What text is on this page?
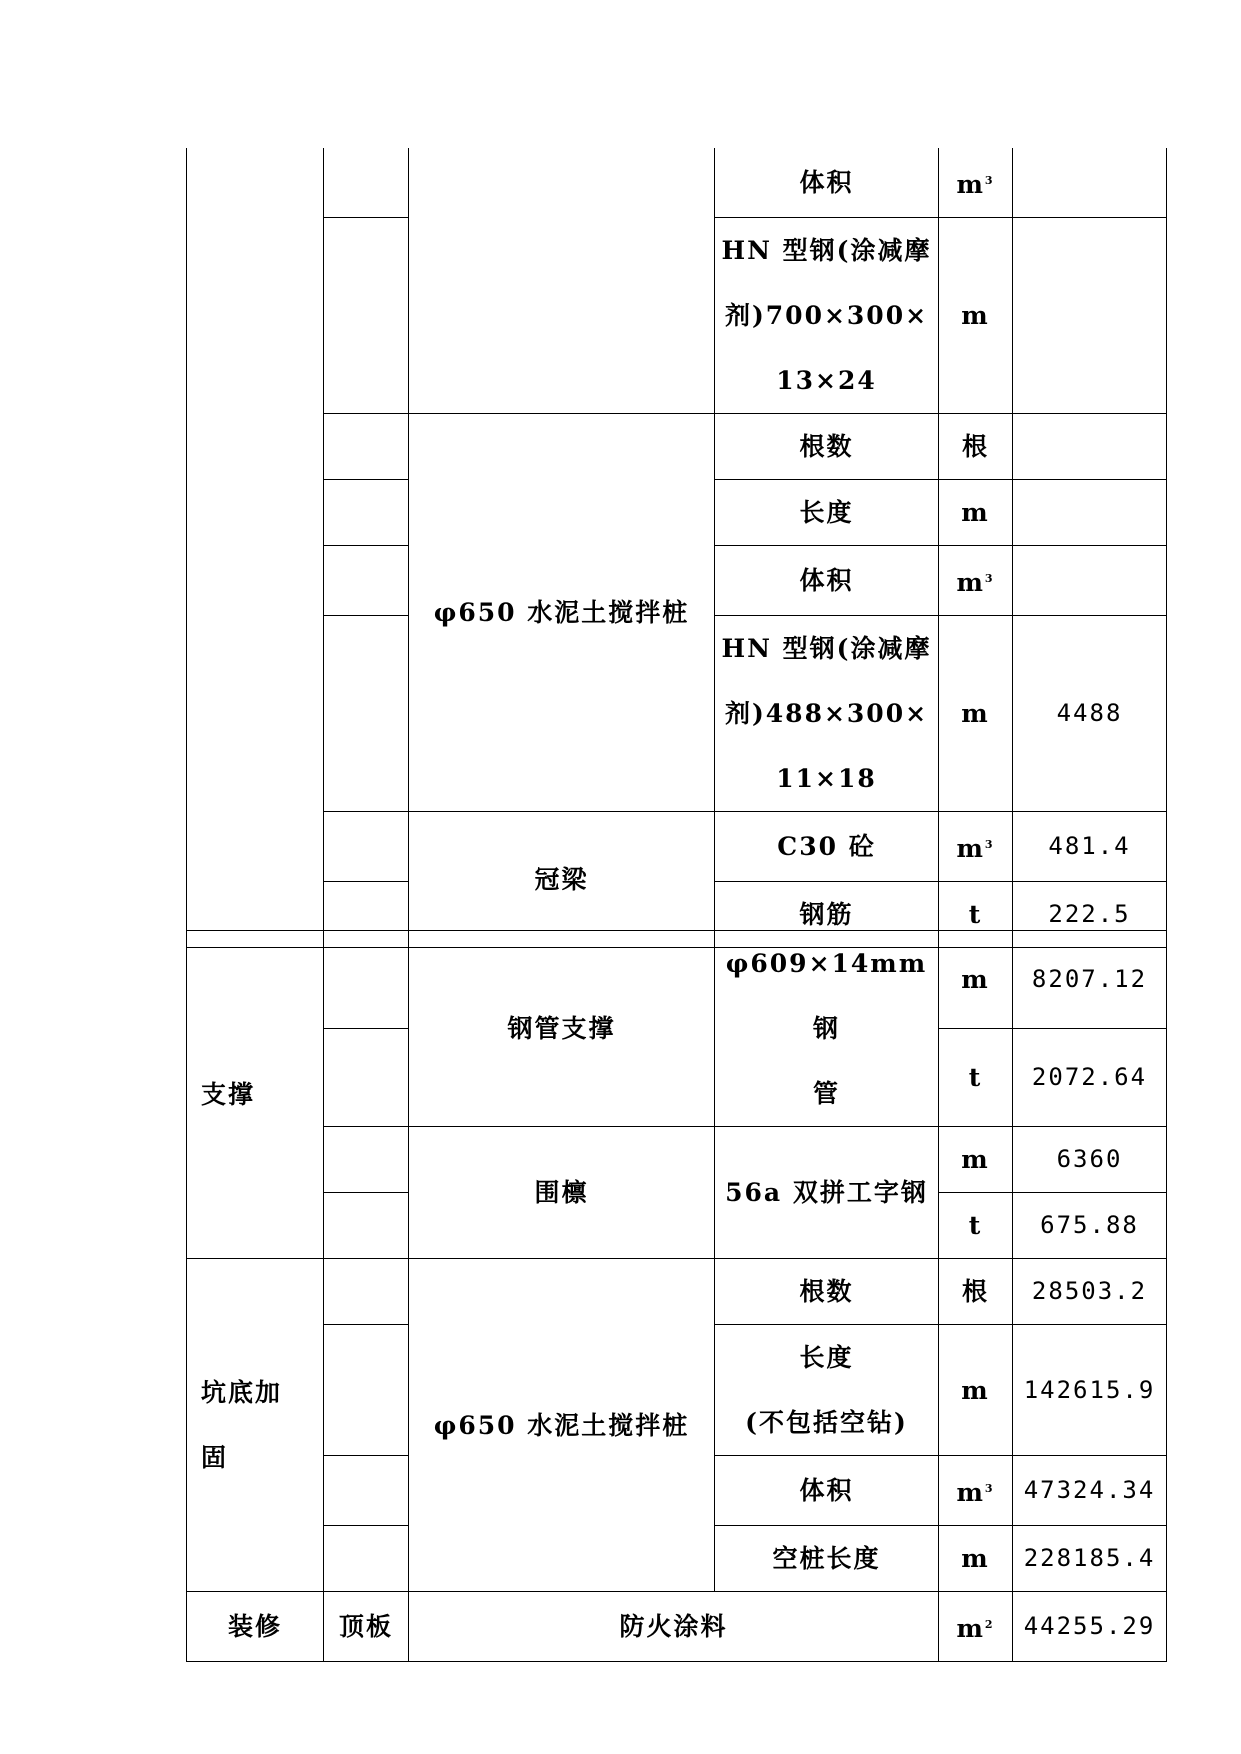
			体积	$m^3$	

			HN 型钢(涂减摩
剂)700×300×
13×24	m	
		φ650 水泥土搅拌桩	根数	根	
			长度	m	
			体积	$m^3$	

			HN 型钢(涂减摩
剂)488×300×
11×18	m	4488
		冠梁	C30 砼	$m^3$	481.4
			钢筋	t	222.5
支撑		钢管支撑	φ609×14mm 钢
管	m	8207.12
				t	2072.64
		围檩	56a 双拼工字钢	m	6360
				t	675.88

坑底加
固		φ650 水泥土搅拌桩	根数	根	28503.2

			长度
(不包括空钻)	m	142615.9

			体积	$m^3$	47324.34
			空桩长度	m	228185.4
装修	顶板	防火涂料		$m^2$	44255.29
